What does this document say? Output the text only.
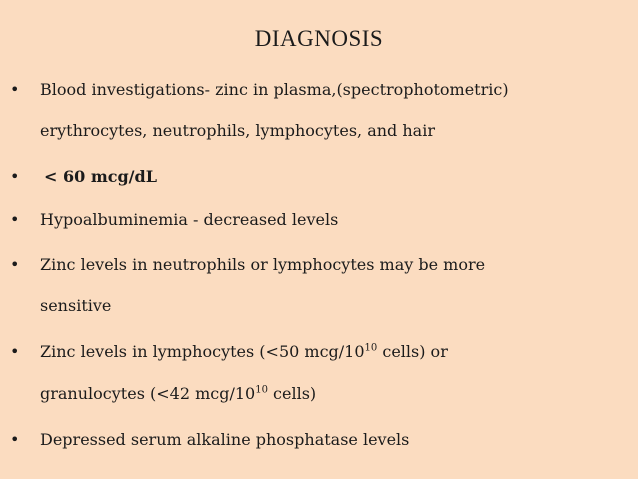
DIAGNOSIS
• Blood investigations- zinc in plasma,(spectrophotometric)
erythrocytes, neutrophils, lymphocytes, and hair
• < 60 mcg/dL
• Hypoalbuminemia - decreased levels
• Zinc levels in neutrophils or lymphocytes may be more
sensitive
• Zinc levels in lymphocytes (<50 mcg/$10^{10}$ cells) or
granulocytes (<42 mcg/$10^{10}$ cells)
• Depressed serum alkaline phosphatase levels
